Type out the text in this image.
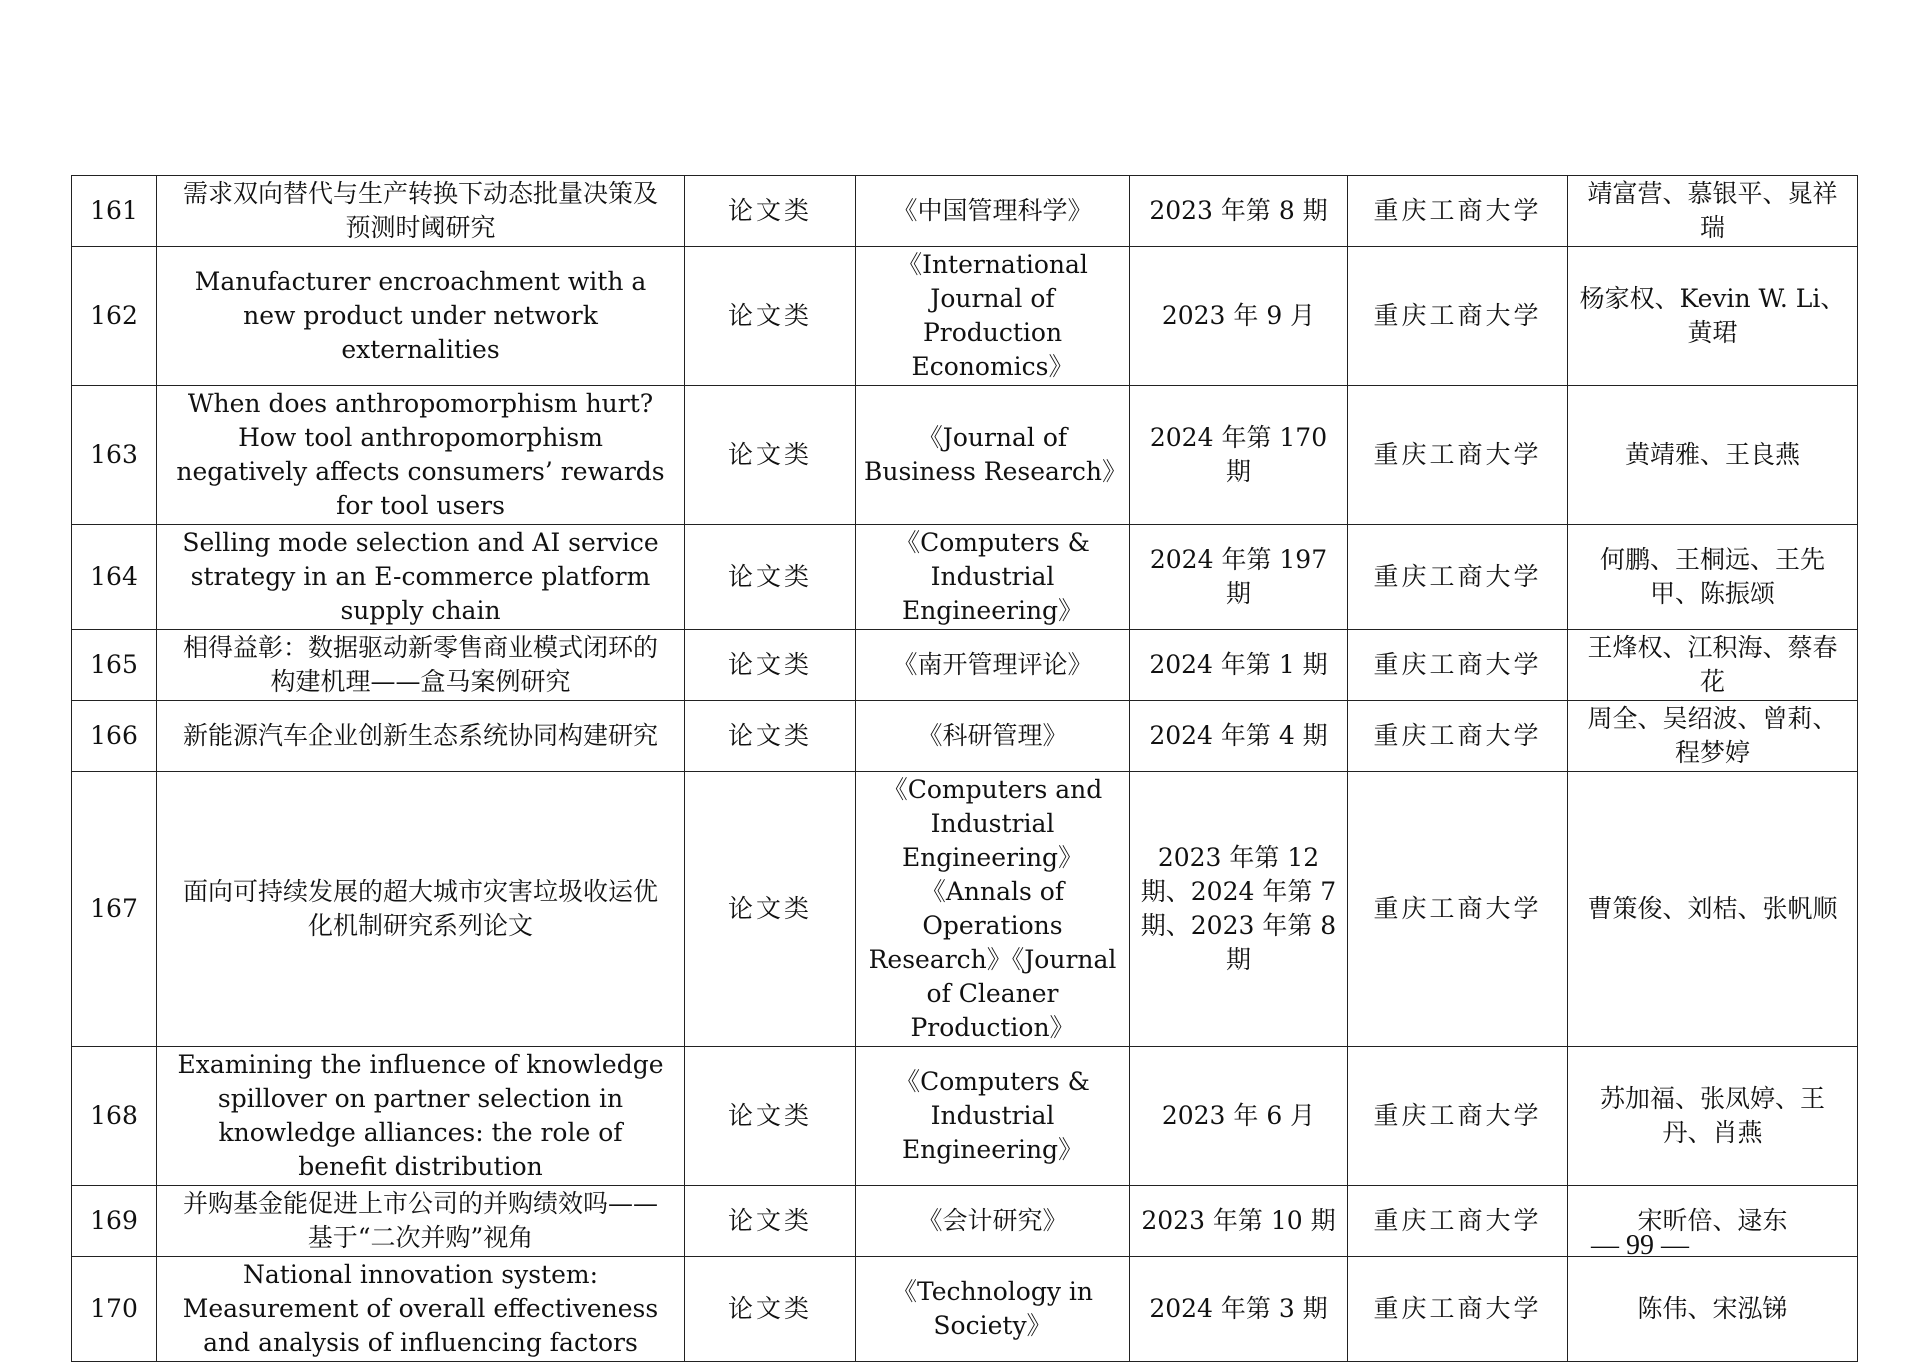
161	需求双向替代与生产转换下动态批量决策及预测时阈研究	论文类	《中国管理科学》	2023 年第 8 期	重庆工商大学	靖富营、慕银平、晁祥瑞
162	Manufacturer encroachment with a new product under network externalities	论文类	《International Journal of Production Economics》	2023 年 9 月	重庆工商大学	杨家权、Kevin W. Li、黄珺
163	When does anthropomorphism hurt? How tool anthropomorphism negatively affects consumers’ rewards for tool users	论文类	《Journal of Business Research》	2024 年第 170 期	重庆工商大学	黄靖雅、王良燕
164	Selling mode selection and AI service strategy in an E-commerce platform supply chain	论文类	《Computers & Industrial Engineering》	2024 年第 197 期	重庆工商大学	何鹏、王桐远、王先甲、陈振颂
165	相得益彰：数据驱动新零售商业模式闭环的构建机理——盒马案例研究	论文类	《南开管理评论》	2024 年第 1 期	重庆工商大学	王烽权、江积海、蔡春花
166	新能源汽车企业创新生态系统协同构建研究	论文类	《科研管理》	2024 年第 4 期	重庆工商大学	周全、吴绍波、曾莉、程梦婷
167	面向可持续发展的超大城市灾害垃圾收运优化机制研究系列论文	论文类	《Computers and Industrial Engineering》《Annals of Operations Research》《Journal of Cleaner Production》	2023 年第 12 期、2024 年第 7 期、2023 年第 8 期	重庆工商大学	曹策俊、刘桔、张帆顺
168	Examining the influence of knowledge spillover on partner selection in knowledge alliances: the role of benefit distribution	论文类	《Computers & Industrial Engineering》	2023 年 6 月	重庆工商大学	苏加福、张凤婷、王丹、肖燕
169	并购基金能促进上市公司的并购绩效吗——基于“二次并购”视角	论文类	《会计研究》	2023 年第 10 期	重庆工商大学	宋昕倍、逯东
170	National innovation system: Measurement of overall effectiveness and analysis of influencing factors	论文类	《Technology in Society》	2024 年第 3 期	重庆工商大学	陈伟、宋泓锑
— 99 —
